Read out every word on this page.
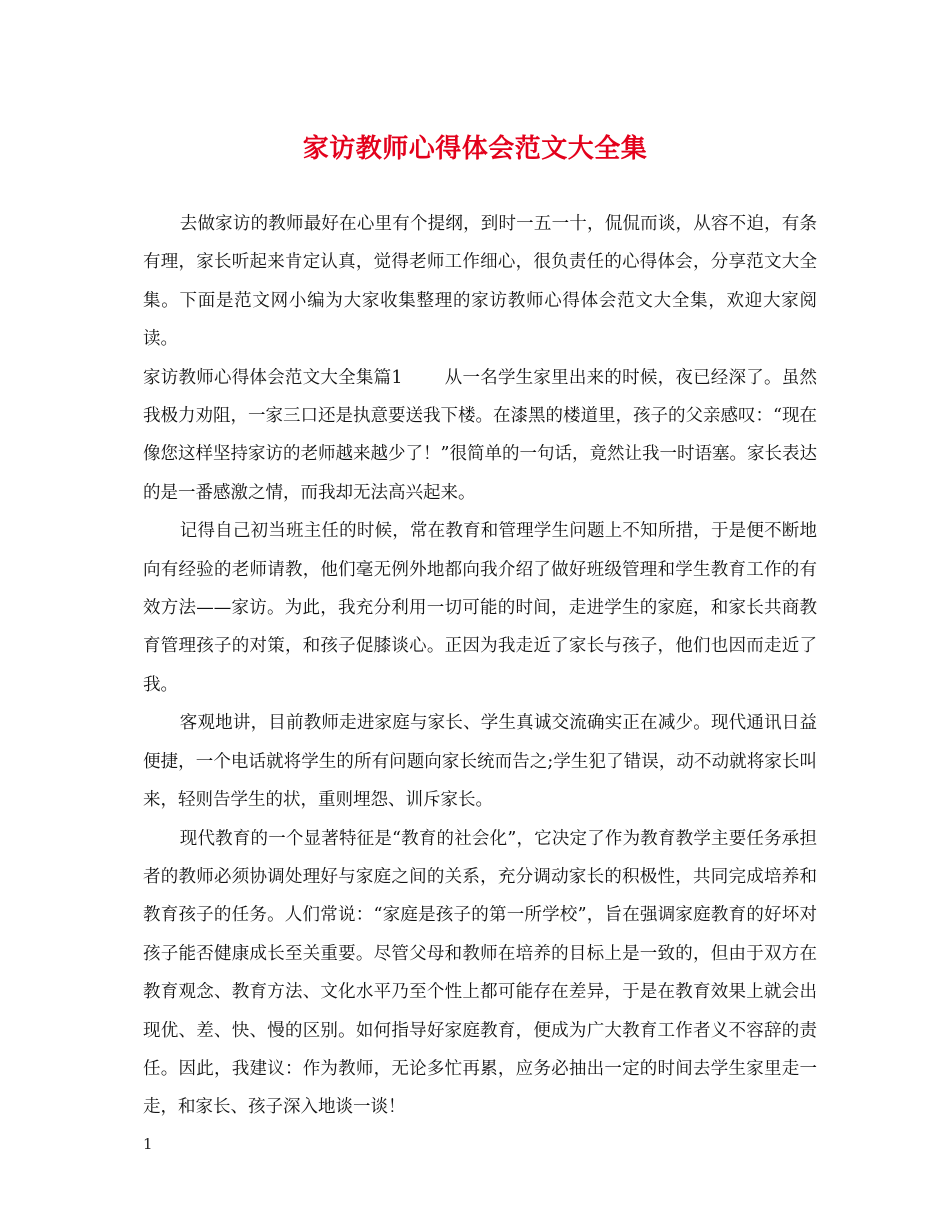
家访教师心得体会范文大全集

去做家访的教师最好在心里有个提纲，到时一五一十，侃侃而谈，从容不迫，有条有理，家长听起来肯定认真，觉得老师工作细心，很负责任的心得体会，分享范文大全集。下面是范文网小编为大家收集整理的家访教师心得体会范文大全集，欢迎大家阅读。

家访教师心得体会范文大全集篇1 从一名学生家里出来的时候，夜已经深了。虽然我极力劝阻，一家三口还是执意要送我下楼。在漆黑的楼道里，孩子的父亲感叹：“现在像您这样坚持家访的老师越来越少了！”很简单的一句话，竟然让我一时语塞。家长表达的是一番感激之情，而我却无法高兴起来。

记得自己初当班主任的时候，常在教育和管理学生问题上不知所措，于是便不断地向有经验的老师请教，他们毫无例外地都向我介绍了做好班级管理和学生教育工作的有效方法——家访。为此，我充分利用一切可能的时间，走进学生的家庭，和家长共商教育管理孩子的对策，和孩子促膝谈心。正因为我走近了家长与孩子，他们也因而走近了我。

客观地讲，目前教师走进家庭与家长、学生真诚交流确实正在减少。现代通讯日益便捷，一个电话就将学生的所有问题向家长统而告之;学生犯了错误，动不动就将家长叫来，轻则告学生的状，重则埋怨、训斥家长。

现代教育的一个显著特征是“教育的社会化”，它决定了作为教育教学主要任务承担者的教师必须协调处理好与家庭之间的关系，充分调动家长的积极性，共同完成培养和教育孩子的任务。人们常说：“家庭是孩子的第一所学校”，旨在强调家庭教育的好坏对孩子能否健康成长至关重要。尽管父母和教师在培养的目标上是一致的，但由于双方在教育观念、教育方法、文化水平乃至个性上都可能存在差异，于是在教育效果上就会出现优、差、快、慢的区别。如何指导好家庭教育，便成为广大教育工作者义不容辞的责任。因此，我建议：作为教师，无论多忙再累，应务必抽出一定的时间去学生家里走一走，和家长、孩子深入地谈一谈！

1
